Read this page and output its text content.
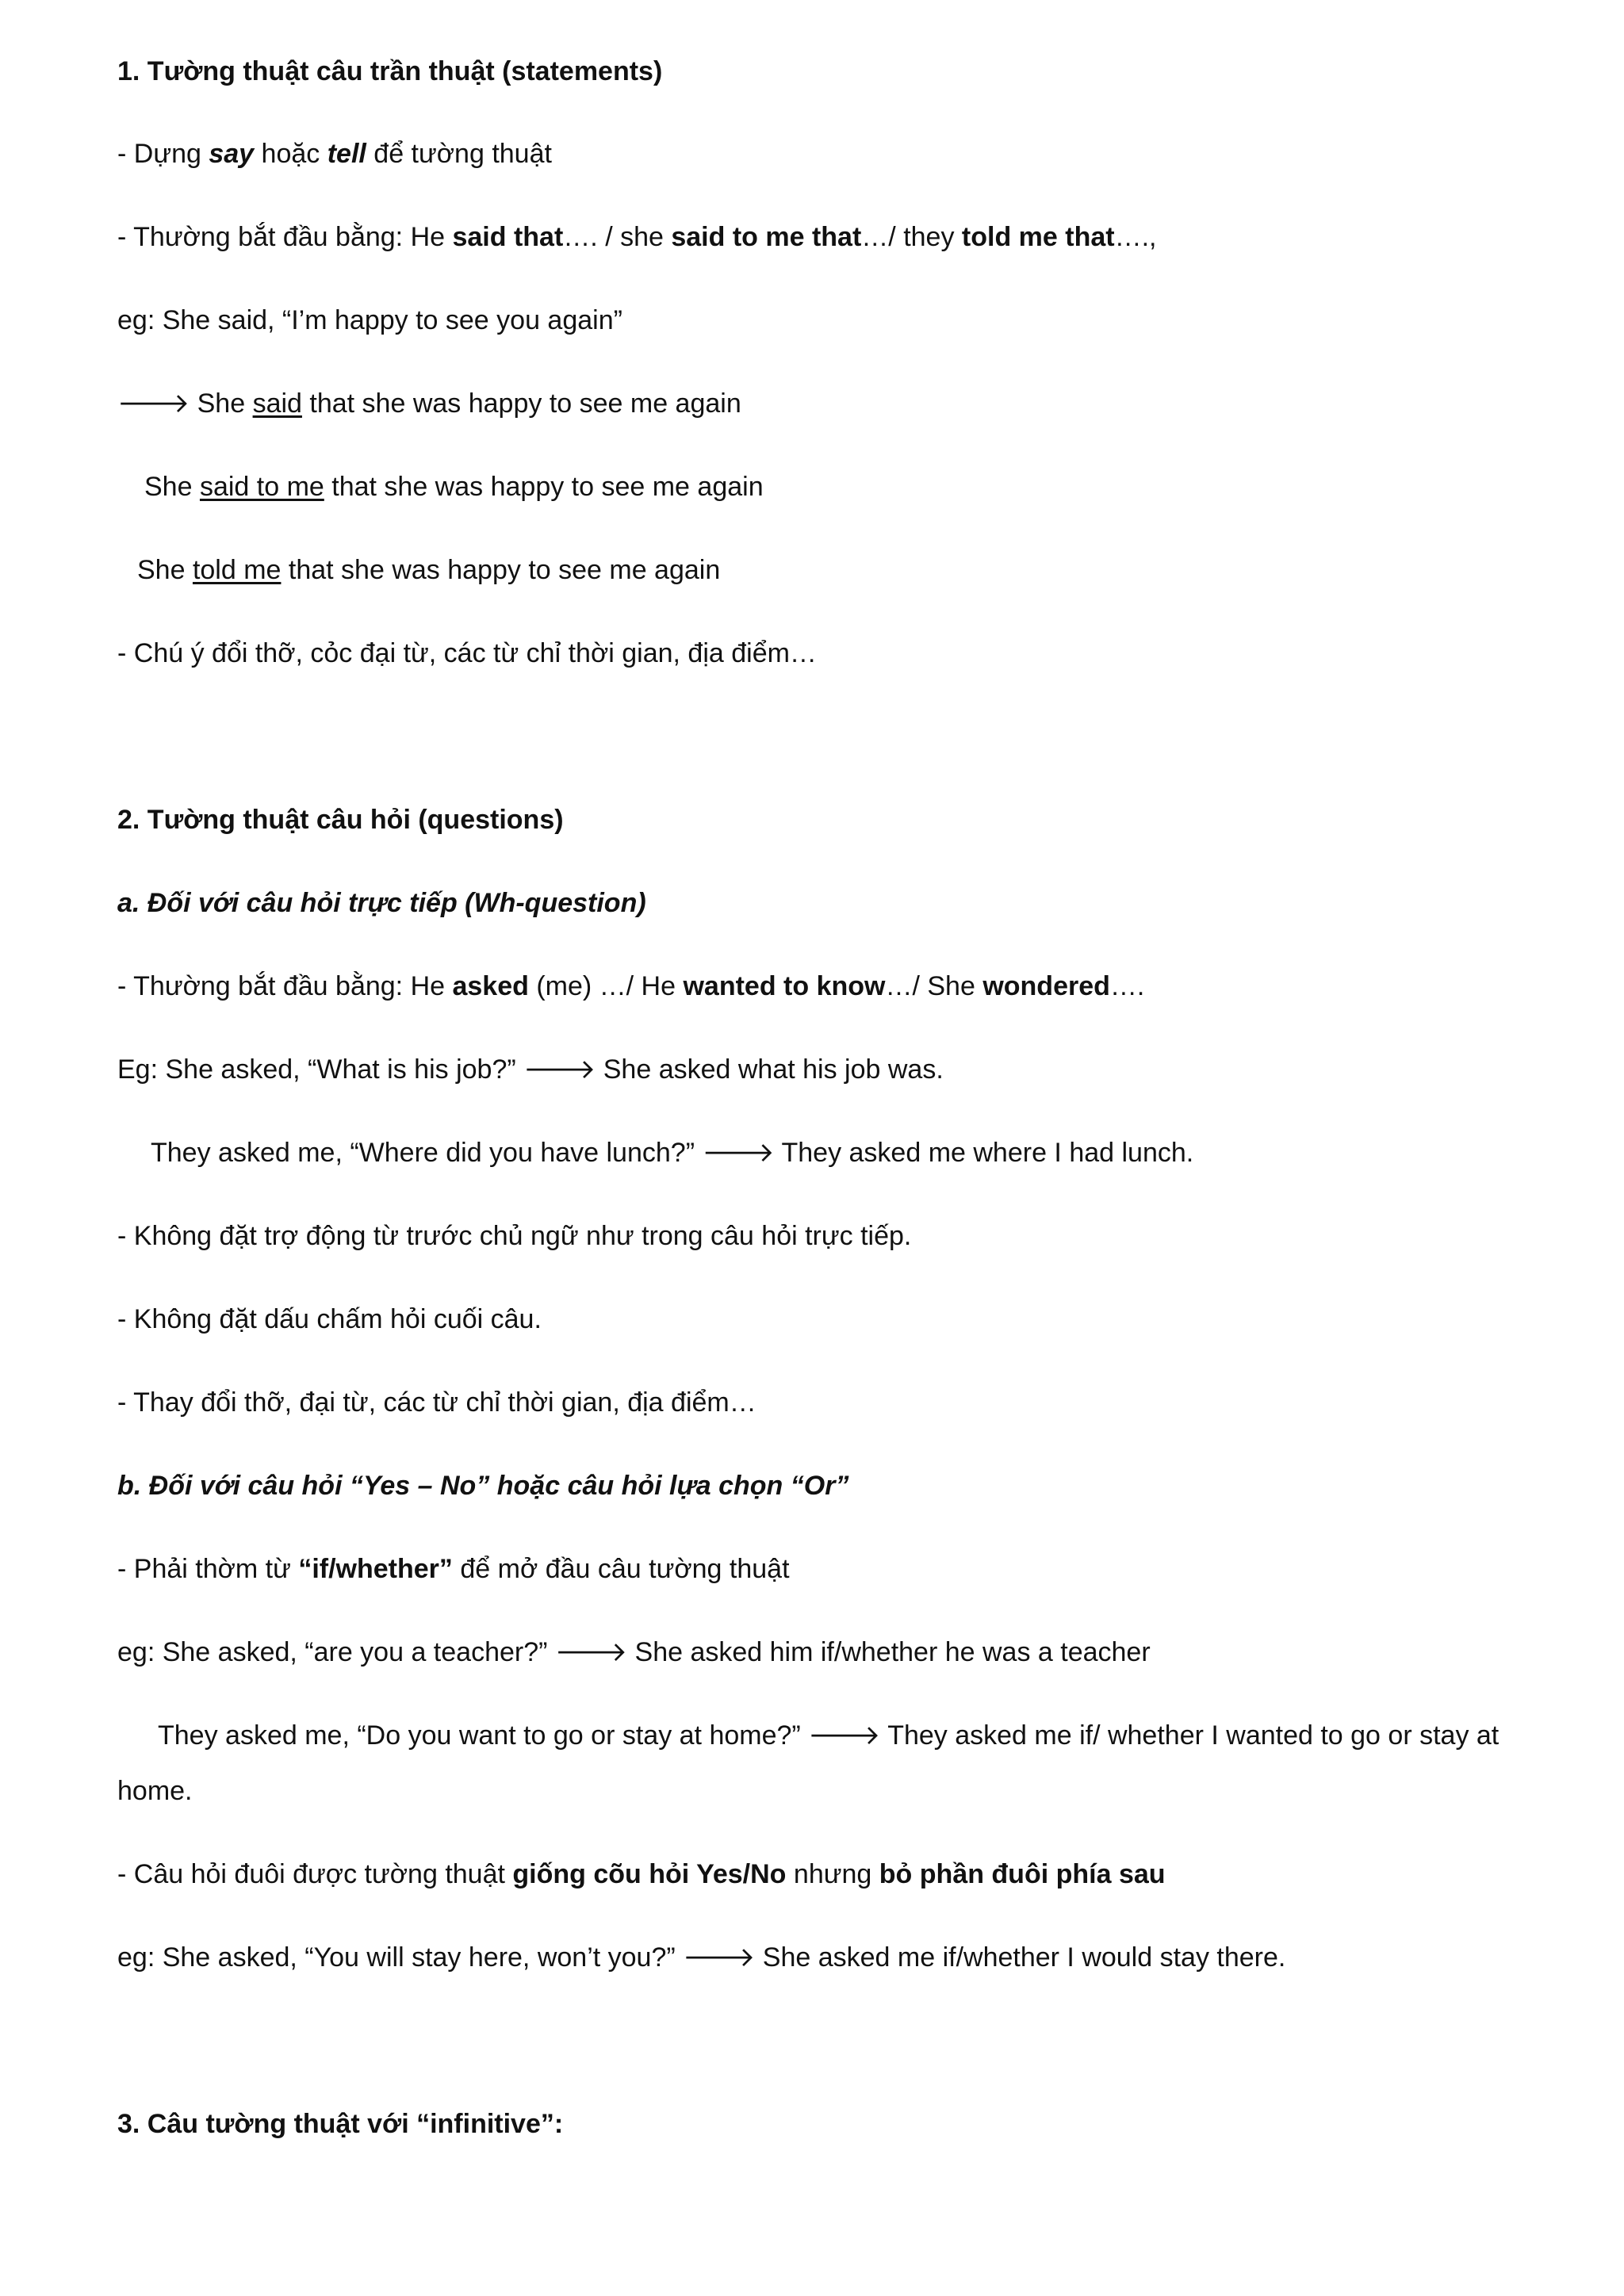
1. Tường thuật câu trần thuật (statements)
- Dựng say hoặc tell để tường thuật
- Thường bắt đầu bằng: He said that…. / she said to me that…/ they told me that….,
eg: She said, “I’m happy to see you again”
🡒 She said that she was happy to see me again
She said to me that she was happy to see me again
She told me that she was happy to see me again
- Chú ý đổi thỡ, cỏc đại từ, các từ chỉ thời gian, địa điểm…
2. Tường thuật câu hỏi (questions)
a. Đối với câu hỏi trực tiếp (Wh-question)
- Thường bắt đầu bằng: He asked (me) …/ He wanted to know…/ She wondered….
Eg: She asked, “What is his job?” 🡒 She asked what his job was.
They asked me, “Where did you have lunch?” 🡒 They asked me where I had lunch.
- Không đặt trợ động từ trước chủ ngữ như trong câu hỏi trực tiếp.
- Không đặt dấu chấm hỏi cuối câu.
- Thay đổi thỡ, đại từ, các từ chỉ thời gian, địa điểm…
b. Đối với câu hỏi “Yes – No” hoặc câu hỏi lựa chọn “Or”
- Phải thờm từ “if/whether” để mở đầu câu tường thuật
eg: She asked, “are you a teacher?” 🡒 She asked him if/whether he was a teacher
They asked me, “Do you want to go or stay at home?” 🡒 They asked me if/ whether I wanted to go or stay at
home.
- Câu hỏi đuôi được tường thuật giống cõu hỏi Yes/No nhưng bỏ phần đuôi phía sau
eg: She asked, “You will stay here, won’t you?” 🡒 She asked me if/whether I would stay there.
3. Câu tường thuật với “infinitive”:
